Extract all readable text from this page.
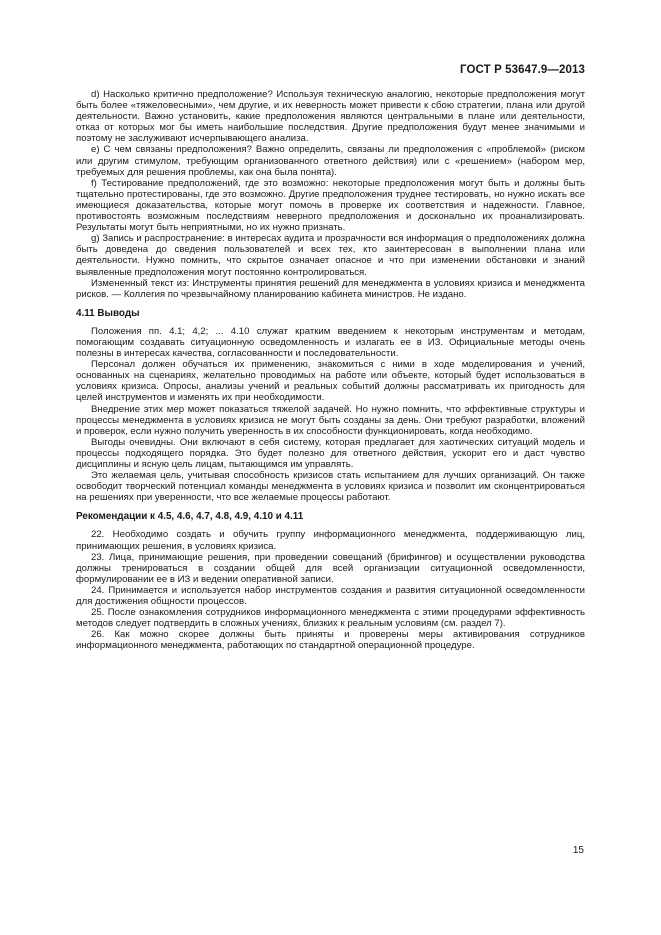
ГОСТ Р 53647.9—2013

d) Насколько критично предположение? Используя техническую аналогию, некоторые предположения могут быть более «тяжеловесными», чем другие, и их неверность может привести к сбою стратегии, плана или другой деятельности. Важно установить, какие предположения являются центральными в плане или деятельности, отказ от которых мог бы иметь наибольшие последствия. Другие предположения будут менее значимыми и поэтому не заслуживают исчерпывающего анализа.

e) С чем связаны предположения? Важно определить, связаны ли предположения с «проблемой» (риском или другим стимулом, требующим организованного ответного действия) или с «решением» (набором мер, требуемых для решения проблемы, как она была понята).

f) Тестирование предположений, где это возможно: некоторые предположения могут быть и должны быть тщательно протестированы, где это возможно. Другие предположения труднее тестировать, но нужно искать все имеющиеся доказательства, которые могут помочь в проверке их соответствия и надежности. Главное, противостоять возможным последствиям неверного предположения и досконально их проанализировать. Результаты могут быть неприятными, но их нужно признать.

g) Запись и распространение: в интересах аудита и прозрачности вся информация о предположениях должна быть доведена до сведения пользователей и всех тех, кто заинтересован в выполнении плана или деятельности. Нужно помнить, что скрытое означает опасное и что при изменении обстановки и знаний выявленные предположения могут постоянно контролироваться.

Измененный текст из: Инструменты принятия решений для менеджмента в условиях кризиса и менеджмента рисков. — Коллегия по чрезвычайному планированию кабинета министров. Не издано.

4.11 Выводы

Положения пп. 4.1; 4,2; ... 4.10 служат кратким введением к некоторым инструментам и методам, помогающим создавать ситуационную осведомленность и излагать ее в ИЗ. Официальные методы очень полезны в интересах качества, согласованности и последовательности.

Персонал должен обучаться их применению, знакомиться с ними в ходе моделирования и учений, основанных на сценариях, желательно проводимых на работе или объекте, который будет использоваться в условиях кризиса. Опросы, анализы учений и реальных событий должны рассматривать их пригодность для целей инструментов и изменять их при необходимости.

Внедрение этих мер может показаться тяжелой задачей. Но нужно помнить, что эффективные структуры и процессы менеджмента в условиях кризиса не могут быть созданы за день. Они требуют разработки, вложений и проверок, если нужно получить уверенность в их способности функционировать, когда необходимо.

Выгоды очевидны. Они включают в себя систему, которая предлагает для хаотических ситуаций модель и процессы подходящего порядка. Это будет полезно для ответного действия, ускорит его и даст чувство дисциплины и ясную цель лицам, пытающимся им управлять.

Это желаемая цель, учитывая способность кризисов стать испытанием для лучших организаций. Он также освободит творческий потенциал команды менеджмента в условиях кризиса и позволит им сконцентрироваться на решениях при уверенности, что все желаемые процессы работают.

Рекомендации к 4.5, 4.6, 4.7, 4.8, 4.9, 4.10 и 4.11

22. Необходимо создать и обучить группу информационного менеджмента, поддерживающую лиц, принимающих решения, в условиях кризиса.

23. Лица, принимающие решения, при проведении совещаний (брифингов) и осуществлении руководства должны тренироваться в создании общей для всей организации ситуационной осведомленности, формулировании ее в ИЗ и ведении оперативной записи.

24. Принимается и используется набор инструментов создания и развития ситуационной осведомленности для достижения общности процессов.

25. После ознакомления сотрудников информационного менеджмента с этими процедурами эффективность методов следует подтвердить в сложных учениях, близких к реальным условиям (см. раздел 7).

26. Как можно скорее должны быть приняты и проверены меры активирования сотрудников информационного менеджмента, работающих по стандартной операционной процедуре.

15
